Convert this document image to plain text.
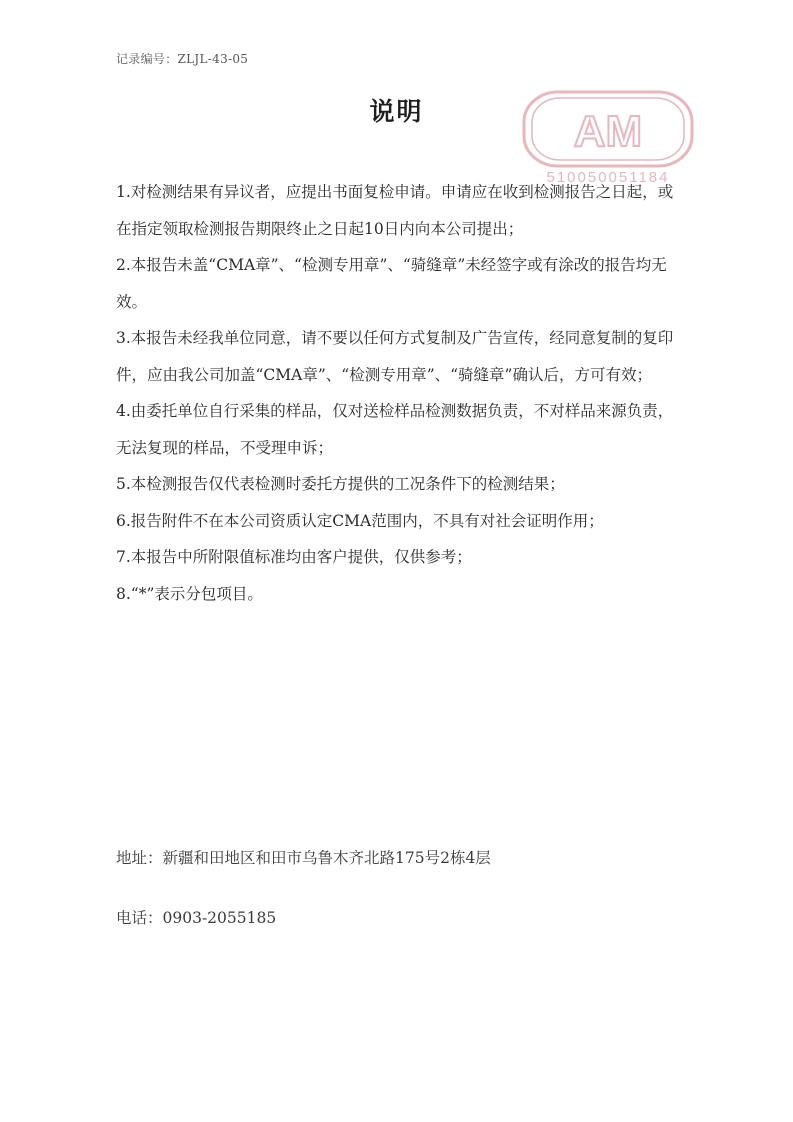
记录编号：ZLJL-43-05
说明	AM
510050051184
1.对检测结果有异议者，应提出书面复检申请。申请应在收到检测报告之日起，或在指定领取检测报告期限终止之日起10日内向本公司提出；
2.本报告未盖“CMA章”、“检测专用章”、“骑缝章”未经签字或有涂改的报告均无效。
3.本报告未经我单位同意，请不要以任何方式复制及广告宣传，经同意复制的复印件，应由我公司加盖“CMA章”、“检测专用章”、“骑缝章”确认后，方可有效；
4.由委托单位自行采集的样品，仅对送检样品检测数据负责，不对样品来源负责，无法复现的样品，不受理申诉；
5.本检测报告仅代表检测时委托方提供的工况条件下的检测结果；
6.报告附件不在本公司资质认定CMA范围内，不具有对社会证明作用；
7.本报告中所附限值标准均由客户提供，仅供参考；
8.“*”表示分包项目。
地址：新疆和田地区和田市乌鲁木齐北路175号2栋4层
电话：0903-2055185
